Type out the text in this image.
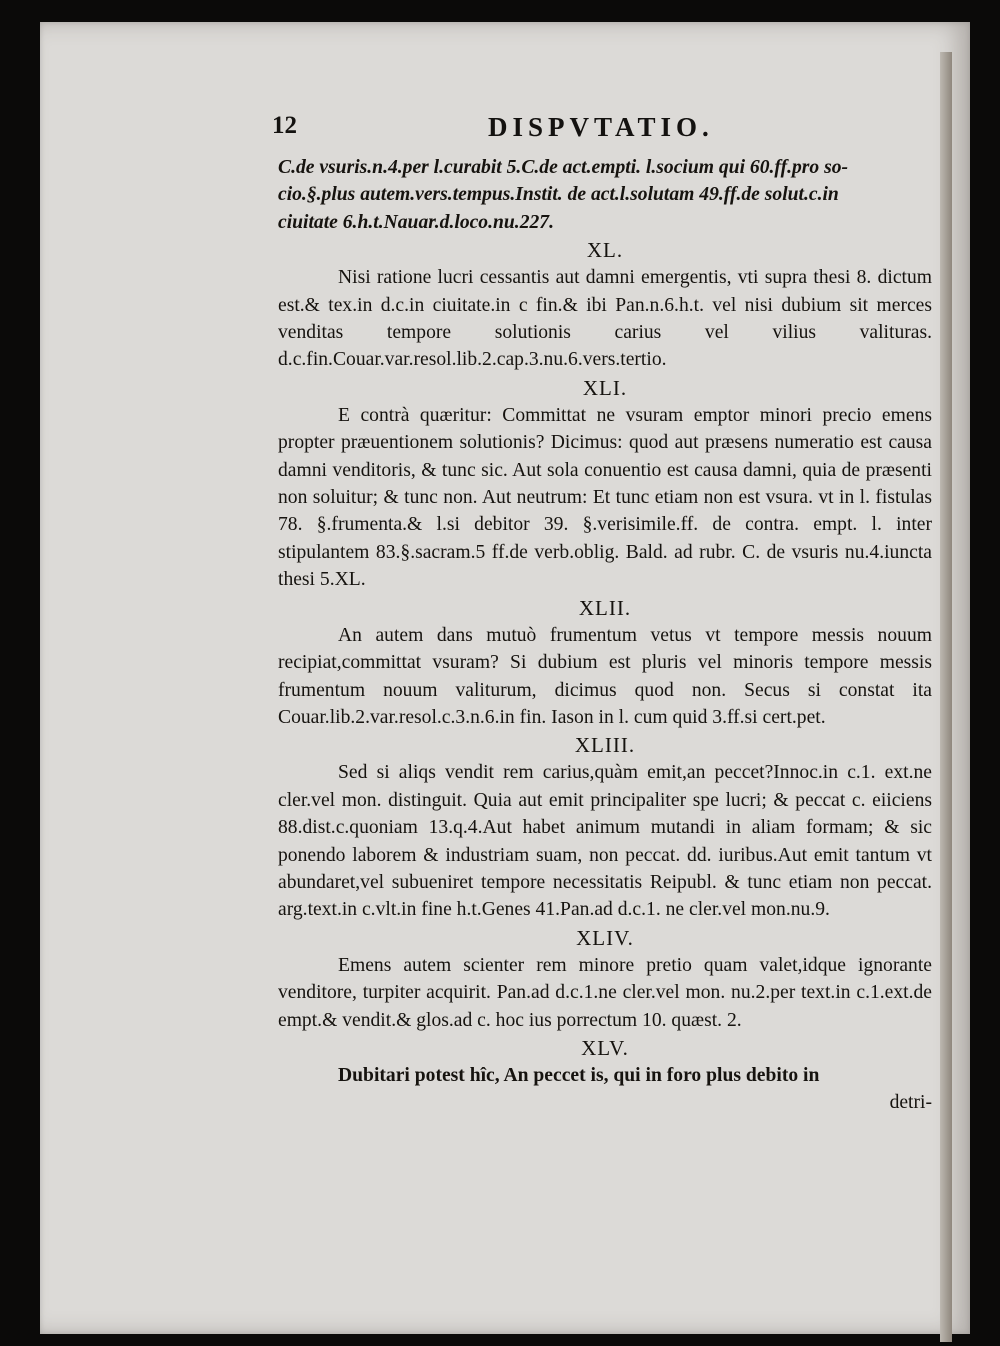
12	DISPVTATIO.

C.de vsuris.n.4.per l.curabit 5.C.de act.empti. l.socium qui 60.ff.pro so-

cio.§.plus autem.vers.tempus.Instit. de act.l.solutam 49.ff.de solut.c.in

ciuitate 6.h.t.Nauar.d.loco.nu.227.

XL.

Nisi ratione lucri cessantis aut damni emergentis, vti supra thesi 8. dictum est.& tex.in d.c.in ciuitate.in c fin.& ibi Pan.n.6.h.t. vel nisi dubium sit merces venditas tempore solutionis carius vel vilius valituras. d.c.fin.Couar.var.resol.lib.2.cap.3.nu.6.vers.tertio.

XLI.

E contrà quæritur: Committat ne vsuram emptor minori precio emens propter præuentionem solutionis? Dicimus: quod aut præsens numeratio est causa damni venditoris, & tunc sic. Aut sola conuentio est causa damni, quia de præsenti non soluitur; & tunc non. Aut neutrum: Et tunc etiam non est vsura. vt in l. fistulas 78. §.frumenta.& l.si debitor 39. §.verisimile.ff. de contra. empt. l. inter stipulantem 83.§.sacram.5 ff.de verb.oblig. Bald. ad rubr. C. de vsuris nu.4.iuncta thesi 5.XL.

XLII.

An autem dans mutuò frumentum vetus vt tempore messis nouum recipiat,committat vsuram? Si dubium est pluris vel minoris tempore messis frumentum nouum valiturum, dicimus quod non. Secus si constat ita Couar.lib.2.var.resol.c.3.n.6.in fin. Iason in l. cum quid 3.ff.si cert.pet.

XLIII.

Sed si aliqs vendit rem carius,quàm emit,an peccet?Innoc.in c.1. ext.ne cler.vel mon. distinguit. Quia aut emit principaliter spe lucri; & peccat c. eiiciens 88.dist.c.quoniam 13.q.4.Aut habet animum mutandi in aliam formam; & sic ponendo laborem & industriam suam, non peccat. dd. iuribus.Aut emit tantum vt abundaret,vel subueniret tempore necessitatis Reipubl. & tunc etiam non peccat. arg.text.in c.vlt.in fine h.t.Genes 41.Pan.ad d.c.1. ne cler.vel mon.nu.9.

XLIV.

Emens autem scienter rem minore pretio quam valet,idque ignorante venditore, turpiter acquirit. Pan.ad d.c.1.ne cler.vel mon. nu.2.per text.in c.1.ext.de empt.& vendit.& glos.ad c. hoc ius porrectum 10. quæst. 2.

XLV.

Dubitari potest hîc, An peccet is, qui in foro plus debito in

detri-
